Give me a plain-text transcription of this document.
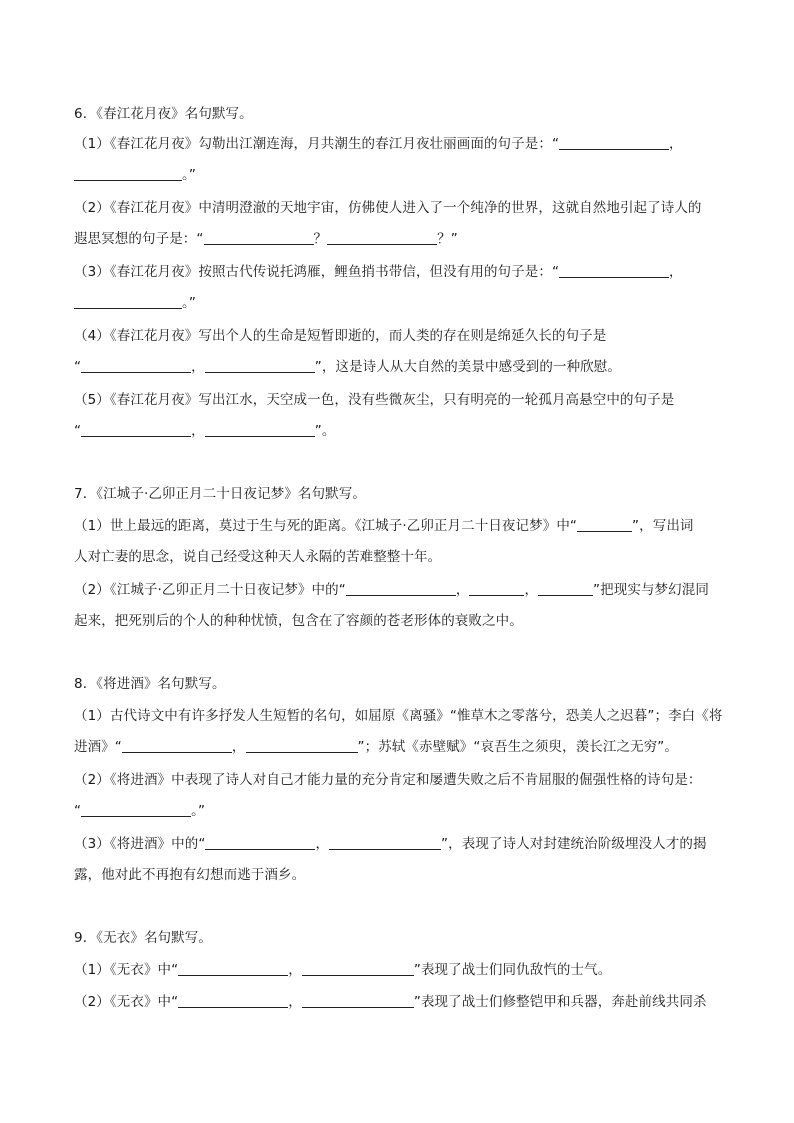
6．《春江花月夜》名句默写。
（1）《春江花月夜》勾勒出江潮连海，月共潮生的春江月夜壮丽画面的句子是：“	，
。”
（2）《春江花月夜》中清明澄澈的天地宇宙，仿佛使人进入了一个纯净的世界，这就自然地引起了诗人的
遐思冥想的句子是：“	？	？”
（3）《春江花月夜》按照古代传说托鸿雁，鲤鱼捎书带信，但没有用的句子是：“	，
。”
（4）《春江花月夜》写出个人的生命是短暂即逝的，而人类的存在则是绵延久长的句子是
“	，	”，这是诗人从大自然的美景中感受到的一种欣慰。
（5）《春江花月夜》写出江水，天空成一色，没有些微灰尘，只有明亮的一轮孤月高悬空中的句子是
“	，	”。
7．《江城子·乙卯正月二十日夜记梦》名句默写。
（1）世上最远的距离，莫过于生与死的距离。《江城子·乙卯正月二十日夜记梦》中“	”，写出词
人对亡妻的思念，说自己经受这种天人永隔的苦难整整十年。
（2）《江城子·乙卯正月二十日夜记梦》中的“	，	，	”把现实与梦幻混同
起来，把死别后的个人的种种忧愤，包含在了容颜的苍老形体的衰败之中。
8．《将进酒》名句默写。
（1）古代诗文中有许多抒发人生短暂的名句，如屈原《离骚》“惟草木之零落兮，恐美人之迟暮”；李白《将
进酒》“	，	”；苏轼《赤壁赋》“哀吾生之须臾，羡长江之无穷”。
（2）《将进酒》中表现了诗人对自己才能力量的充分肯定和屡遭失败之后不肯屈服的倔强性格的诗句是：
“	。”
（3）《将进酒》中的“	，	”，表现了诗人对封建统治阶级埋没人才的揭
露，他对此不再抱有幻想而逃于酒乡。
9．《无衣》名句默写。
（1）《无衣》中“	，	”表现了战士们同仇敌忾的士气。
（2）《无衣》中“	，	”表现了战士们修整铠甲和兵器，奔赴前线共同杀
